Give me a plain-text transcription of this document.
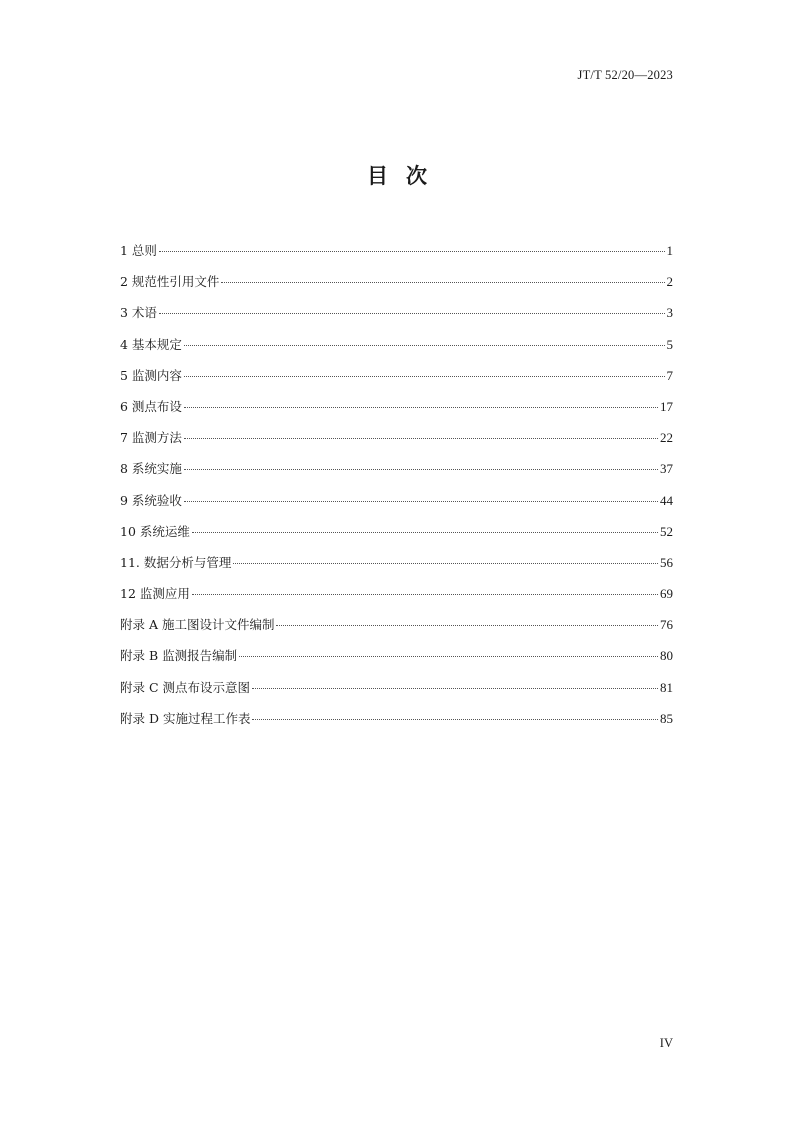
JT/T 52/20—2023
目次
1 总则	1
2 规范性引用文件	2
3 术语	3
4 基本规定	5
5 监测内容	7
6 测点布设	17
7 监测方法	22
8 系统实施	37
9 系统验收	44
10 系统运维	52
11. 数据分析与管理	56
12 监测应用	69
附录 A 施工图设计文件编制	76
附录 B 监测报告编制	80
附录 C 测点布设示意图	81
附录 D 实施过程工作表	85
IV
